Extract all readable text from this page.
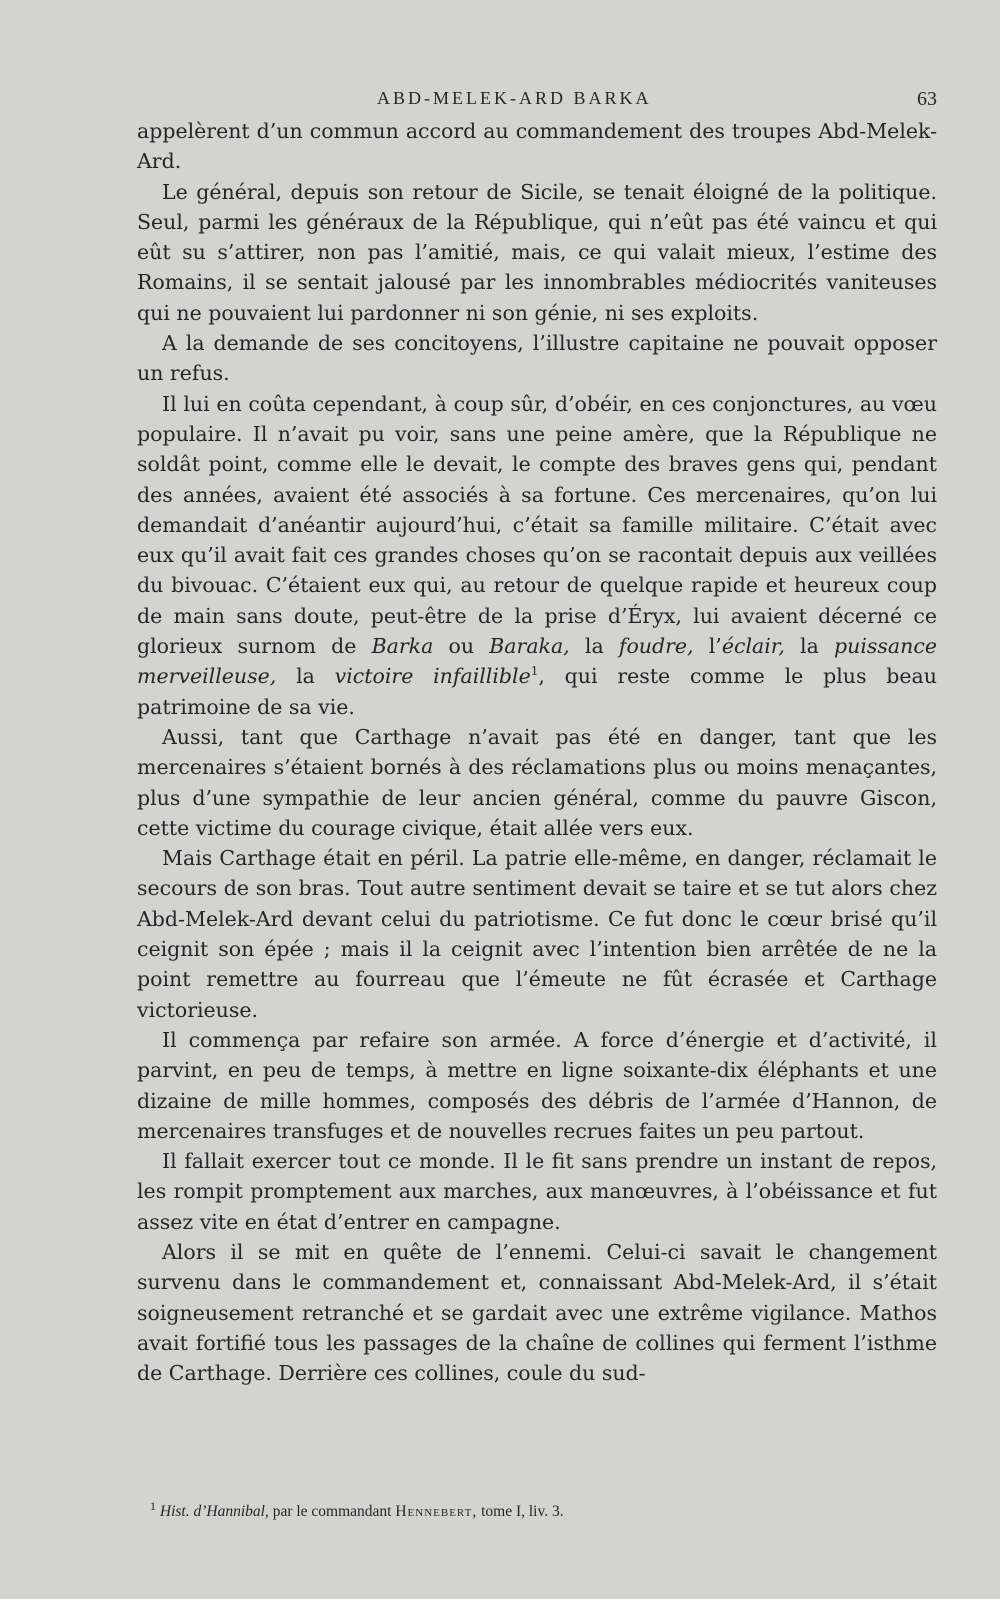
ABD-MELEK-ARD BARKA	63

appelèrent d’un commun accord au commandement des troupes Abd-Melek-Ard.

Le général, depuis son retour de Sicile, se tenait éloigné de la politique. Seul, parmi les généraux de la République, qui n’eût pas été vaincu et qui eût su s’attirer, non pas l’amitié, mais, ce qui valait mieux, l’estime des Romains, il se sentait jalousé par les innombrables médiocrités vaniteuses qui ne pouvaient lui pardonner ni son génie, ni ses exploits.

A la demande de ses concitoyens, l’illustre capitaine ne pouvait opposer un refus.

Il lui en coûta cependant, à coup sûr, d’obéir, en ces conjonctures, au vœu populaire. Il n’avait pu voir, sans une peine amère, que la République ne soldât point, comme elle le devait, le compte des braves gens qui, pendant des années, avaient été associés à sa fortune. Ces mercenaires, qu’on lui demandait d’anéantir aujourd’hui, c’était sa famille militaire. C’était avec eux qu’il avait fait ces grandes choses qu’on se racontait depuis aux veillées du bivouac. C’étaient eux qui, au retour de quelque rapide et heureux coup de main sans doute, peut-être de la prise d’Éryx, lui avaient décerné ce glorieux surnom de Barka ou Baraka, la foudre, l’éclair, la puissance merveilleuse, la victoire infaillible$^1$, qui reste comme le plus beau patrimoine de sa vie.

Aussi, tant que Carthage n’avait pas été en danger, tant que les mercenaires s’étaient bornés à des réclamations plus ou moins menaçantes, plus d’une sympathie de leur ancien général, comme du pauvre Giscon, cette victime du courage civique, était allée vers eux.

Mais Carthage était en péril. La patrie elle-même, en danger, réclamait le secours de son bras. Tout autre sentiment devait se taire et se tut alors chez Abd-Melek-Ard devant celui du patriotisme. Ce fut donc le cœur brisé qu’il ceignit son épée ; mais il la ceignit avec l’intention bien arrêtée de ne la point remettre au fourreau que l’émeute ne fût écrasée et Carthage victorieuse.

Il commença par refaire son armée. A force d’énergie et d’activité, il parvint, en peu de temps, à mettre en ligne soixante-dix éléphants et une dizaine de mille hommes, composés des débris de l’armée d’Hannon, de mercenaires transfuges et de nouvelles recrues faites un peu partout.

Il fallait exercer tout ce monde. Il le fit sans prendre un instant de repos, les rompit promptement aux marches, aux manœuvres, à l’obéissance et fut assez vite en état d’entrer en campagne.

Alors il se mit en quête de l’ennemi. Celui-ci savait le changement survenu dans le commandement et, connaissant Abd-Melek-Ard, il s’était soigneusement retranché et se gardait avec une extrême vigilance. Mathos avait fortifié tous les passages de la chaîne de collines qui ferment l’isthme de Carthage. Derrière ces collines, coule du sud-

$^1$ Hist. d’Hannibal, par le commandant Hennebert, tome I, liv. 3.
